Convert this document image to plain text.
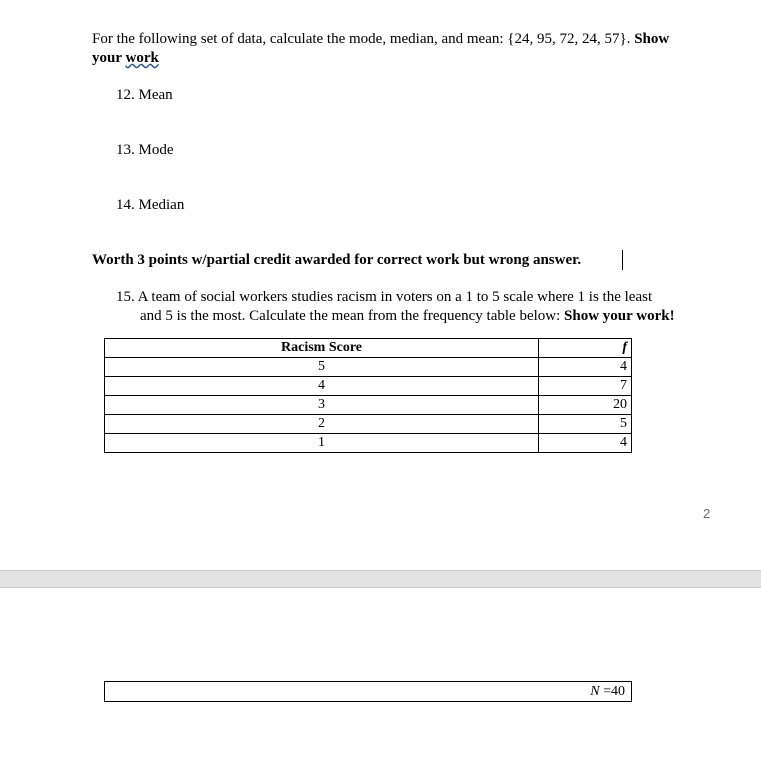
For the following set of data, calculate the mode, median, and mean: {24, 95, 72, 24, 57}. Show
your work
12. Mean
13. Mode
14. Median
Worth 3 points w/partial credit awarded for correct work but wrong answer.
15. A team of social workers studies racism in voters on a 1 to 5 scale where 1 is the least
and 5 is the most. Calculate the mean from the frequency table below: Show your work!
Racism Score	f
5	4
4	7
3	20
2	5
1	4
2
N =40
